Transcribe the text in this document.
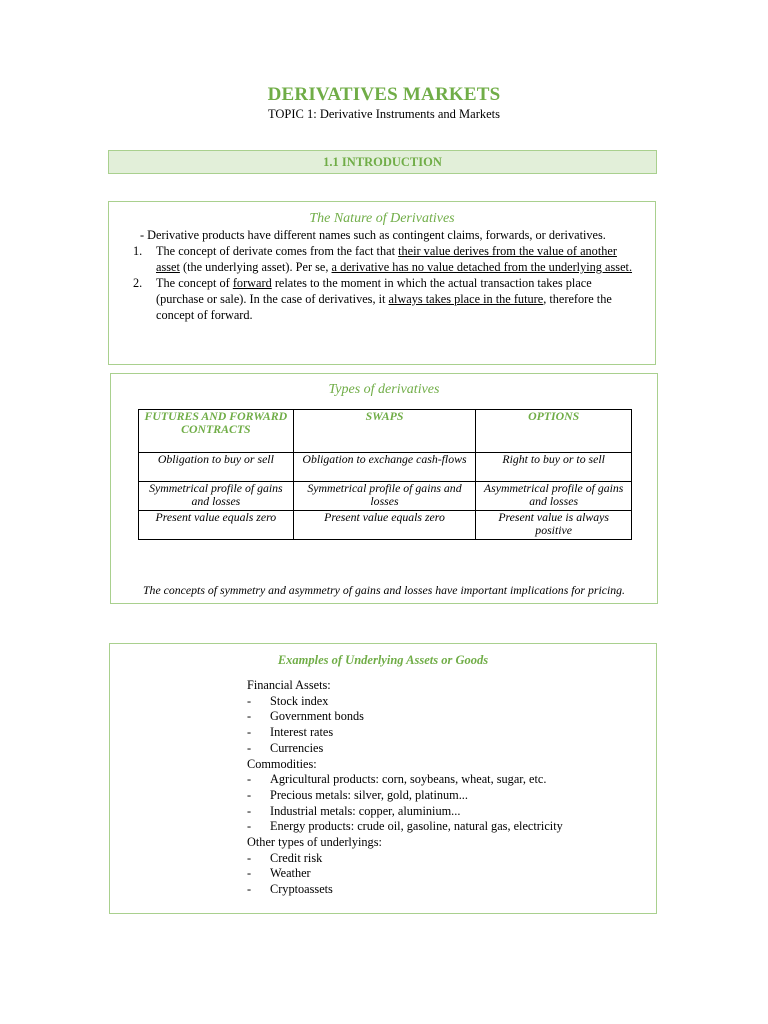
DERIVATIVES MARKETS
TOPIC 1: Derivative Instruments and Markets
1.1 INTRODUCTION
The Nature of Derivatives
- Derivative products have different names such as contingent claims, forwards, or derivatives.
1. The concept of derivate comes from the fact that their value derives from the value of another
asset (the underlying asset). Per se, a derivative has no value detached from the underlying asset.
2. The concept of forward relates to the moment in which the actual transaction takes place
(purchase or sale). In the case of derivatives, it always takes place in the future, therefore the
concept of forward.
Types of derivatives
FUTURES AND FORWARD CONTRACTS	SWAPS	OPTIONS
Obligation to buy or sell	Obligation to exchange cash-flows	Right to buy or to sell
Symmetrical profile of gains and losses	Symmetrical profile of gains and losses	Asymmetrical profile of gains and losses
Present value equals zero	Present value equals zero	Present value is always positive
The concepts of symmetry and asymmetry of gains and losses have important implications for pricing.
Examples of Underlying Assets or Goods
Financial Assets:
- Stock index
- Government bonds
- Interest rates
- Currencies
Commodities:
- Agricultural products: corn, soybeans, wheat, sugar, etc.
- Precious metals: silver, gold, platinum...
- Industrial metals: copper, aluminium...
- Energy products: crude oil, gasoline, natural gas, electricity
Other types of underlyings:
- Credit risk
- Weather
- Cryptoassets
